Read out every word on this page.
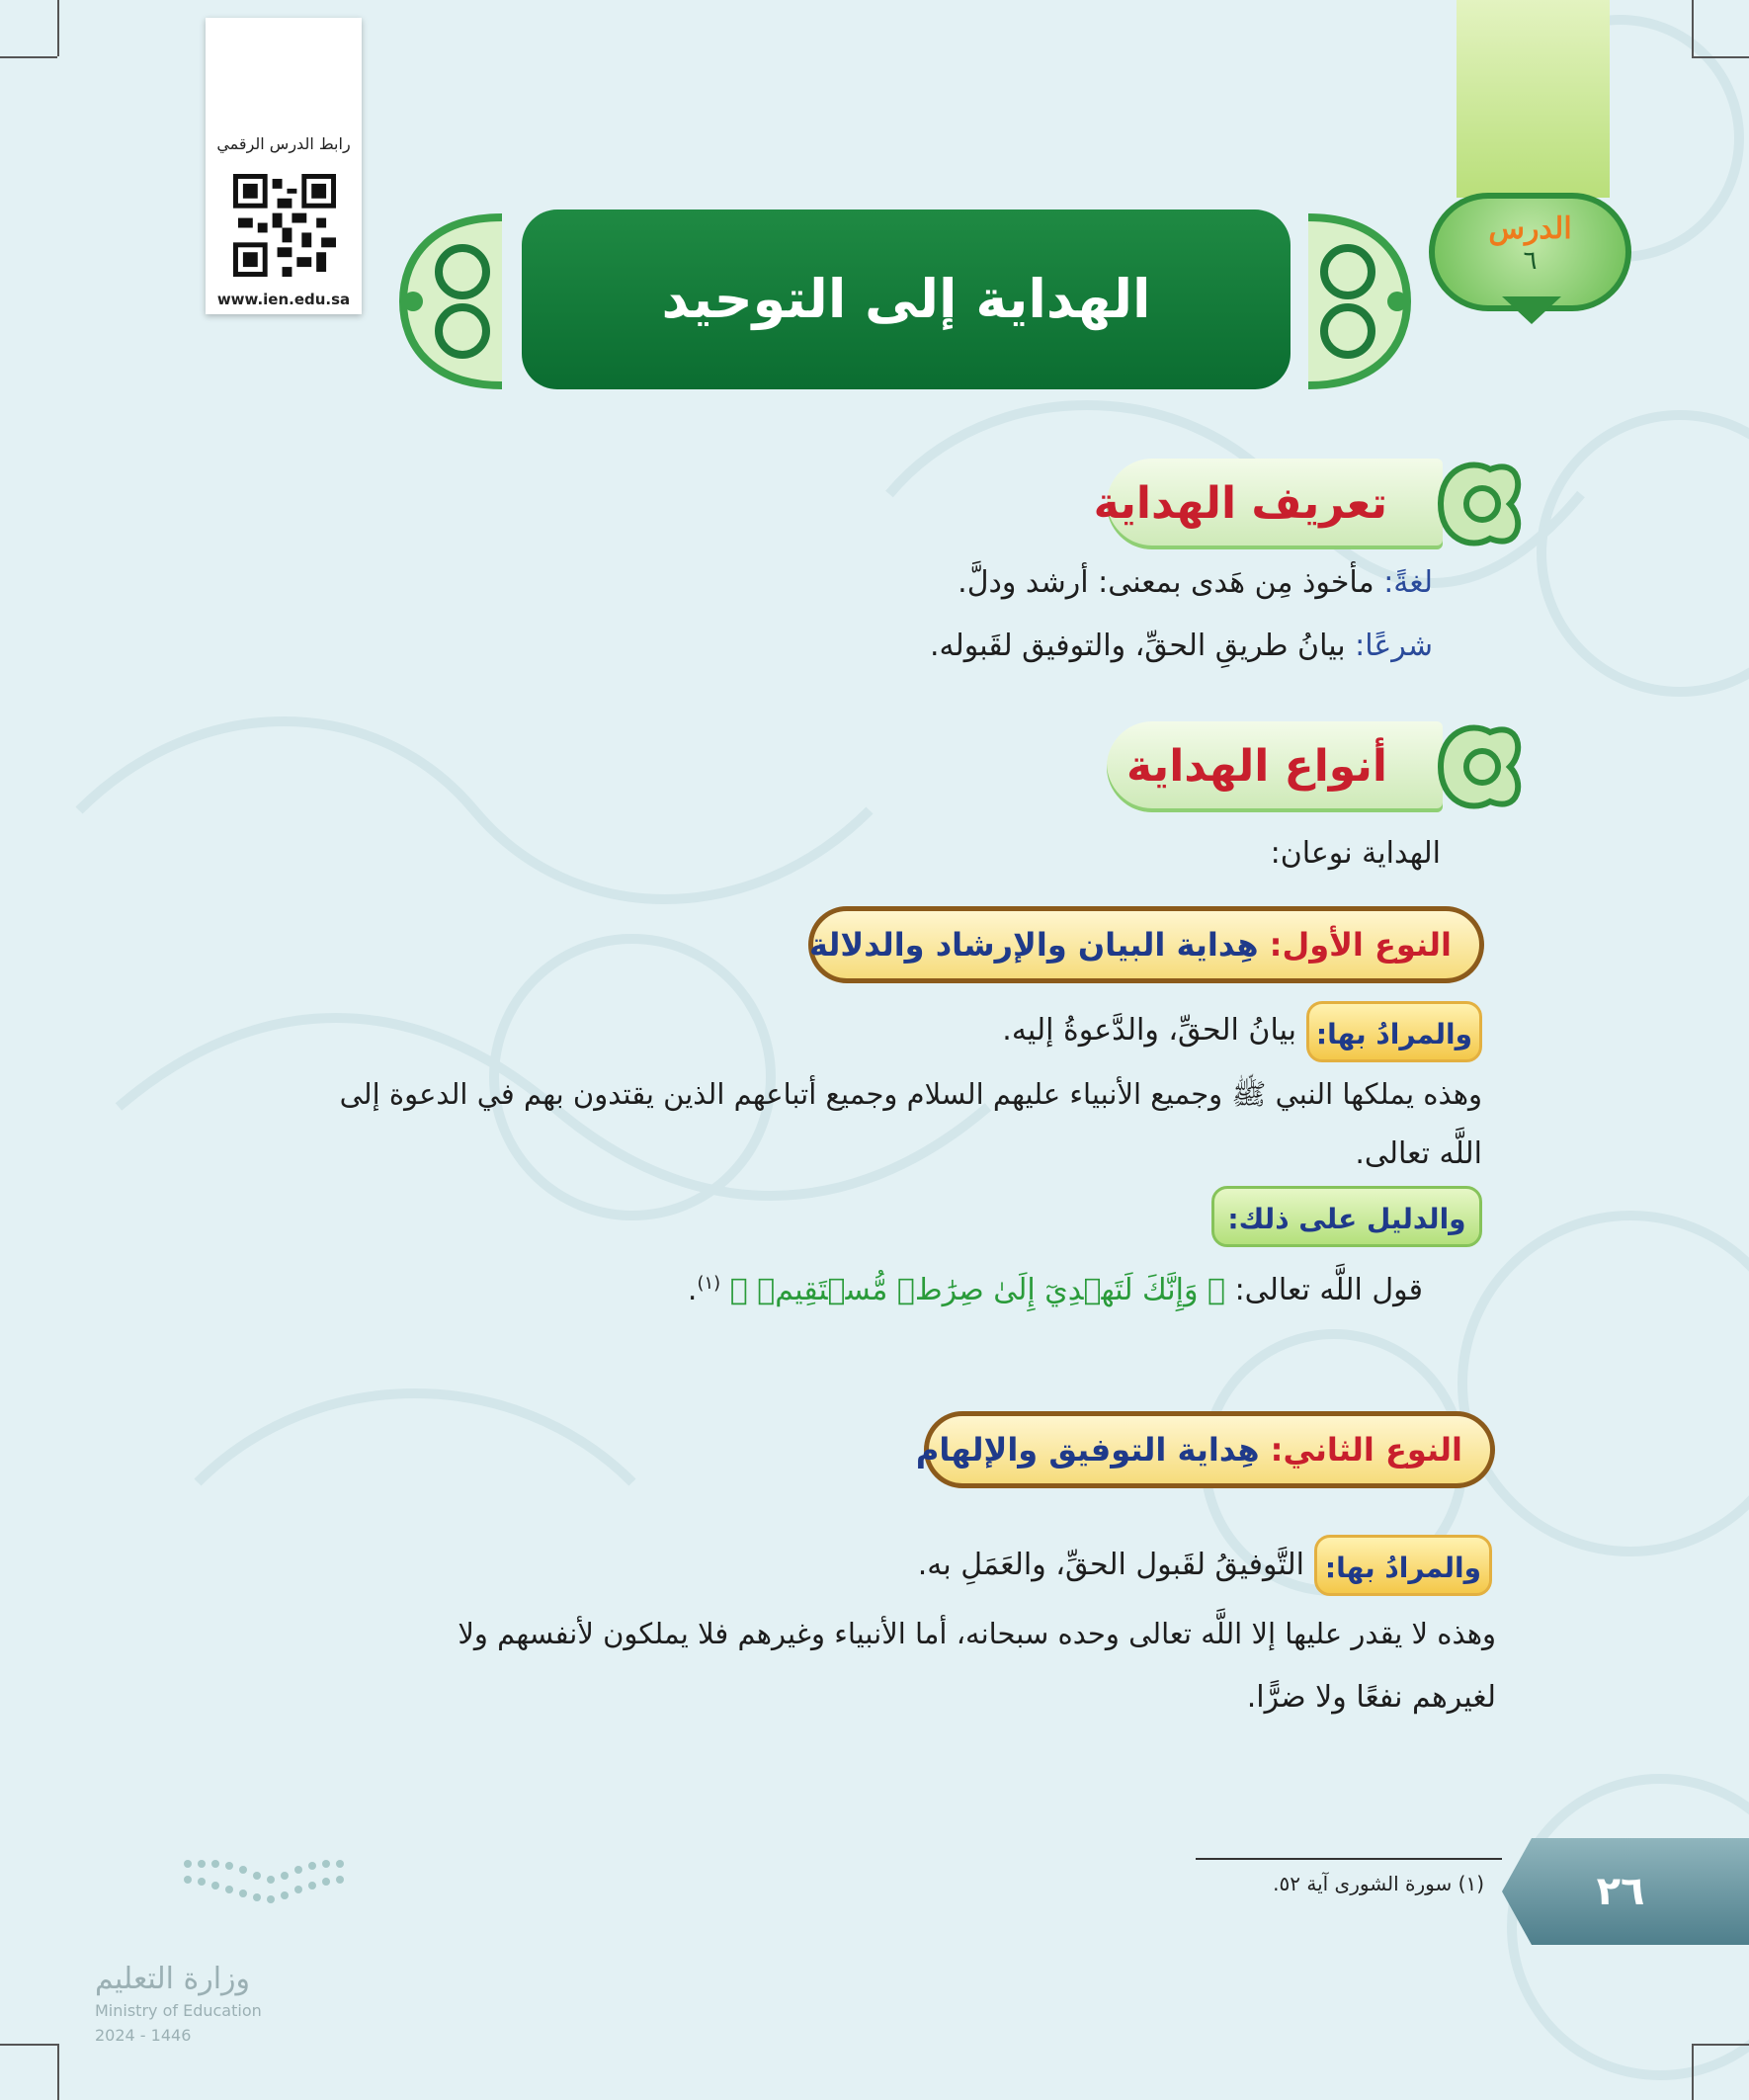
الدرس
٦
رابط الدرس الرقمي
www.ien.edu.sa	الهداية إلى التوحيد
تعريف الهداية
لغةً: مأخوذ مِن هَدى بمعنى: أرشد ودلَّ.
شرعًا: بيانُ طريقِ الحقِّ، والتوفيق لقَبوله.
أنواع الهداية
الهداية نوعان:
النوع الأول: هِداية البيان والإرشاد والدلالة
والمرادُ بها:
بيانُ الحقِّ، والدَّعوةُ إليه.
وهذه يملكها النبي ﷺ وجميع الأنبياء عليهم السلام وجميع أتباعهم الذين يقتدون بهم في الدعوة إلى
اللَّه تعالى.
والدليل على ذلك:
قول اللَّه تعالى: ﴿ وَإِنَّكَ لَتَهۡدِيٓ إِلَىٰ صِرَٰطٖ مُّسۡتَقِيمٖ ﴾ $^{(١)}$.
النوع الثاني: هِداية التوفيق والإلهام
والمرادُ بها:
التَّوفيقُ لقَبول الحقِّ، والعَمَلِ به.
وهذه لا يقدر عليها إلا اللَّه تعالى وحده سبحانه، أما الأنبياء وغيرهم فلا يملكون لأنفسهم ولا
لغيرهم نفعًا ولا ضرًّا.
(١) سورة الشورى آية ٥٢.	٢٦
وزارة التعليم
Ministry of Education
2024 - 1446
